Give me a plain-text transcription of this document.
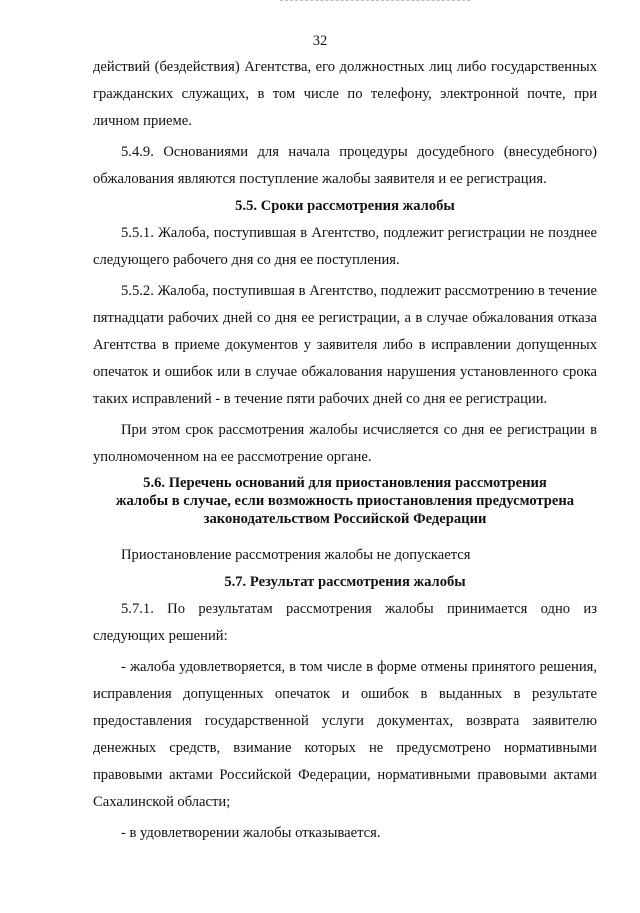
32

действий (бездействия) Агентства, его должностных лиц либо государственных гражданских служащих, в том числе по телефону, электронной почте, при личном приеме.

5.4.9. Основаниями для начала процедуры досудебного (внесудебного) обжалования являются поступление жалобы заявителя и ее регистрация.

5.5. Сроки рассмотрения жалобы

5.5.1. Жалоба, поступившая в Агентство, подлежит регистрации не позднее следующего рабочего дня со дня ее поступления.

5.5.2. Жалоба, поступившая в Агентство, подлежит рассмотрению в течение пятнадцати рабочих дней со дня ее регистрации, а в случае обжалования отказа Агентства в приеме документов у заявителя либо в исправлении допущенных опечаток и ошибок или в случае обжалования нарушения установленного срока таких исправлений - в течение пяти рабочих дней со дня ее регистрации.

При этом срок рассмотрения жалобы исчисляется со дня ее регистрации в уполномоченном на ее рассмотрение органе.

5.6. Перечень оснований для приостановления рассмотрения
жалобы в случае, если возможность приостановления предусмотрена
законодательством Российской Федерации

Приостановление рассмотрения жалобы не допускается

5.7. Результат рассмотрения жалобы

5.7.1. По результатам рассмотрения жалобы принимается одно из следующих решений:

- жалоба удовлетворяется, в том числе в форме отмены принятого решения, исправления допущенных опечаток и ошибок в выданных в результате предоставления государственной услуги документах, возврата заявителю денежных средств, взимание которых не предусмотрено нормативными правовыми актами Российской Федерации, нормативными правовыми актами Сахалинской области;

- в удовлетворении жалобы отказывается.
